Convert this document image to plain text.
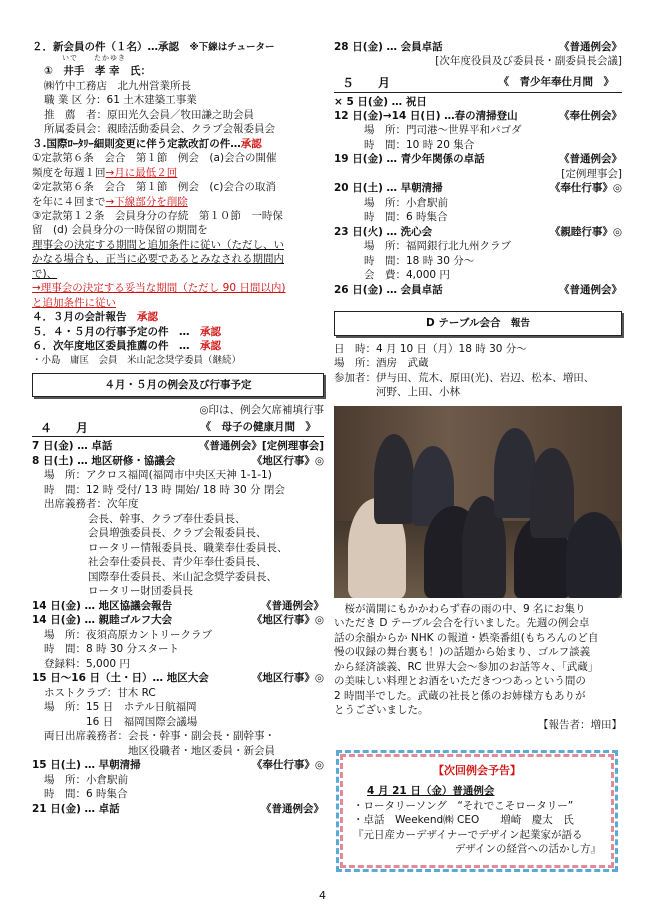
２．新会員の件（１名）…承認　 ※下線はチューター
いで　　たかゆき
①　井手　孝 幸　氏：
㈱竹中工務店　北九州営業所長
職 業 区 分：61 土木建築工事業
推　薦　者：原田光久会員／牧田謙之助会員
所属委員会：親睦活動委員会、クラブ会報委員会
３.国際ﾛｰﾀﾘｰ細則変更に伴う定款改訂の件…承認
①定款第６条　会合　第１節　例会　(a)会合の開催
頻度を毎週１回→月に最低２回
②定款第６条　会合　第１節　例会　(c)会合の取消
を年に４回まで→下線部分を削除
③定款第１２条　会員身分の存続　第１０節　一時保
留　(d) 会員身分の一時保留の期間を
理事会の決定する期間と追加条件に従い（ただし、い
かなる場合も、正当に必要であるとみなされる期間内
で)、
→理事会の決定する妥当な期間（ただし 90 日間以内)
と追加条件に従い
４．３月の会計報告　 承認
５．４・５月の行事予定の件　…　 承認
６．次年度地区委員推薦の件　…　 承認
・小島　庸匡　会員　米山記念奨学委員（継続）
４月・５月の例会及び行事予定
◎印は、例会欠席補填行事
４　月	《　母子の健康月間　》
7 日(金) … 卓話	《普通例会》[定例理事会]
8 日(土) … 地区研修・協議会	《地区行事》◎
場　所：アクロス福岡(福岡市中央区天神 1-1-1)
時　間：12 時 受付/ 13 時 開始/ 18 時 30 分 閉会
出席義務者：次年度
会長、幹事、クラブ奉仕委員長、
会員増強委員長、クラブ会報委員長、
ロータリー情報委員長、職業奉仕委員長、
社会奉仕委員長、青少年奉仕委員長、
国際奉仕委員長、米山記念奨学委員長、
ロータリー財団委員長
14 日(金) … 地区協議会報告	《普通例会》
14 日(金) … 親睦ゴルフ大会	《地区行事》◎
場　所：夜須高原カントリークラブ
時　間：8 時 30 分スタート
登録料：5,000 円
15 日〜16 日（土・日）… 地区大会	《地区行事》◎
ホストクラブ：甘木 RC
場　所：15 日　ホテル日航福岡
　　　　16 日　福岡国際会議場
両日出席義務者：会長・幹事・副会長・副幹事・
　　　　　　　　地区役職者・地区委員・新会員
15 日(土) … 早朝清掃	《奉仕行事》◎
場　所：小倉駅前
時　間：6 時集合
21 日(金) … 卓話	《普通例会》
28 日(金) … 会員卓話	《普通例会》
[次年度役員及び委員長・副委員長会議]
５　月	《　青少年奉仕月間　》
× 5 日(金) … 祝日
12 日(金)→14 日(日) …春の清掃登山	《奉仕例会》
場　所：門司港〜世界平和パゴダ
時　間：10 時 20 集合
19 日(金) … 青少年関係の卓話	《普通例会》
[定例理事会]
20 日(土) … 早朝清掃	《奉仕行事》◎
場　所：小倉駅前
時　間：6 時集合
23 日(火) … 洗心会	《親睦行事》◎
場　所：福岡銀行北九州クラブ
時　間：18 時 30 分〜
会　費：4,000 円
26 日(金) … 会員卓話	《普通例会》
D テーブル会合　 報告
日　時：4 月 10 日（月）18 時 30 分〜
場　所：酒房　武蔵
参加者：伊与田、荒木、原田(光)、岩辺、松本、増田、
　　　　河野、上田、小林
　桜が満開にもかかわらず春の雨の中、9 名にお集り
いただき D テーブル会合を行いました。先週の例会卓
話の余韻からか NHK の報道・娯楽番組(もちろんのど自
慢の収録の舞台裏も！)の話題から始まり、ゴルフ談義
から経済談義、RC 世界大会〜参加のお話等々、｢武蔵｣
の美味しい料理とお酒をいただきつつあっという間の
2 時間半でした。武蔵の社長と係のお姉様方もありが
とうございました。
【報告者：増田】
【次回例会予告】
4 月 21 日（金）普通例会
・ロータリーソング　“それでこそロータリー”
・卓話　Weekend㈱ CEO　　増崎　慶太　氏
『元日産カーデザイナーでデザイン起業家が語る
デザインの経営への活かし方』
4
